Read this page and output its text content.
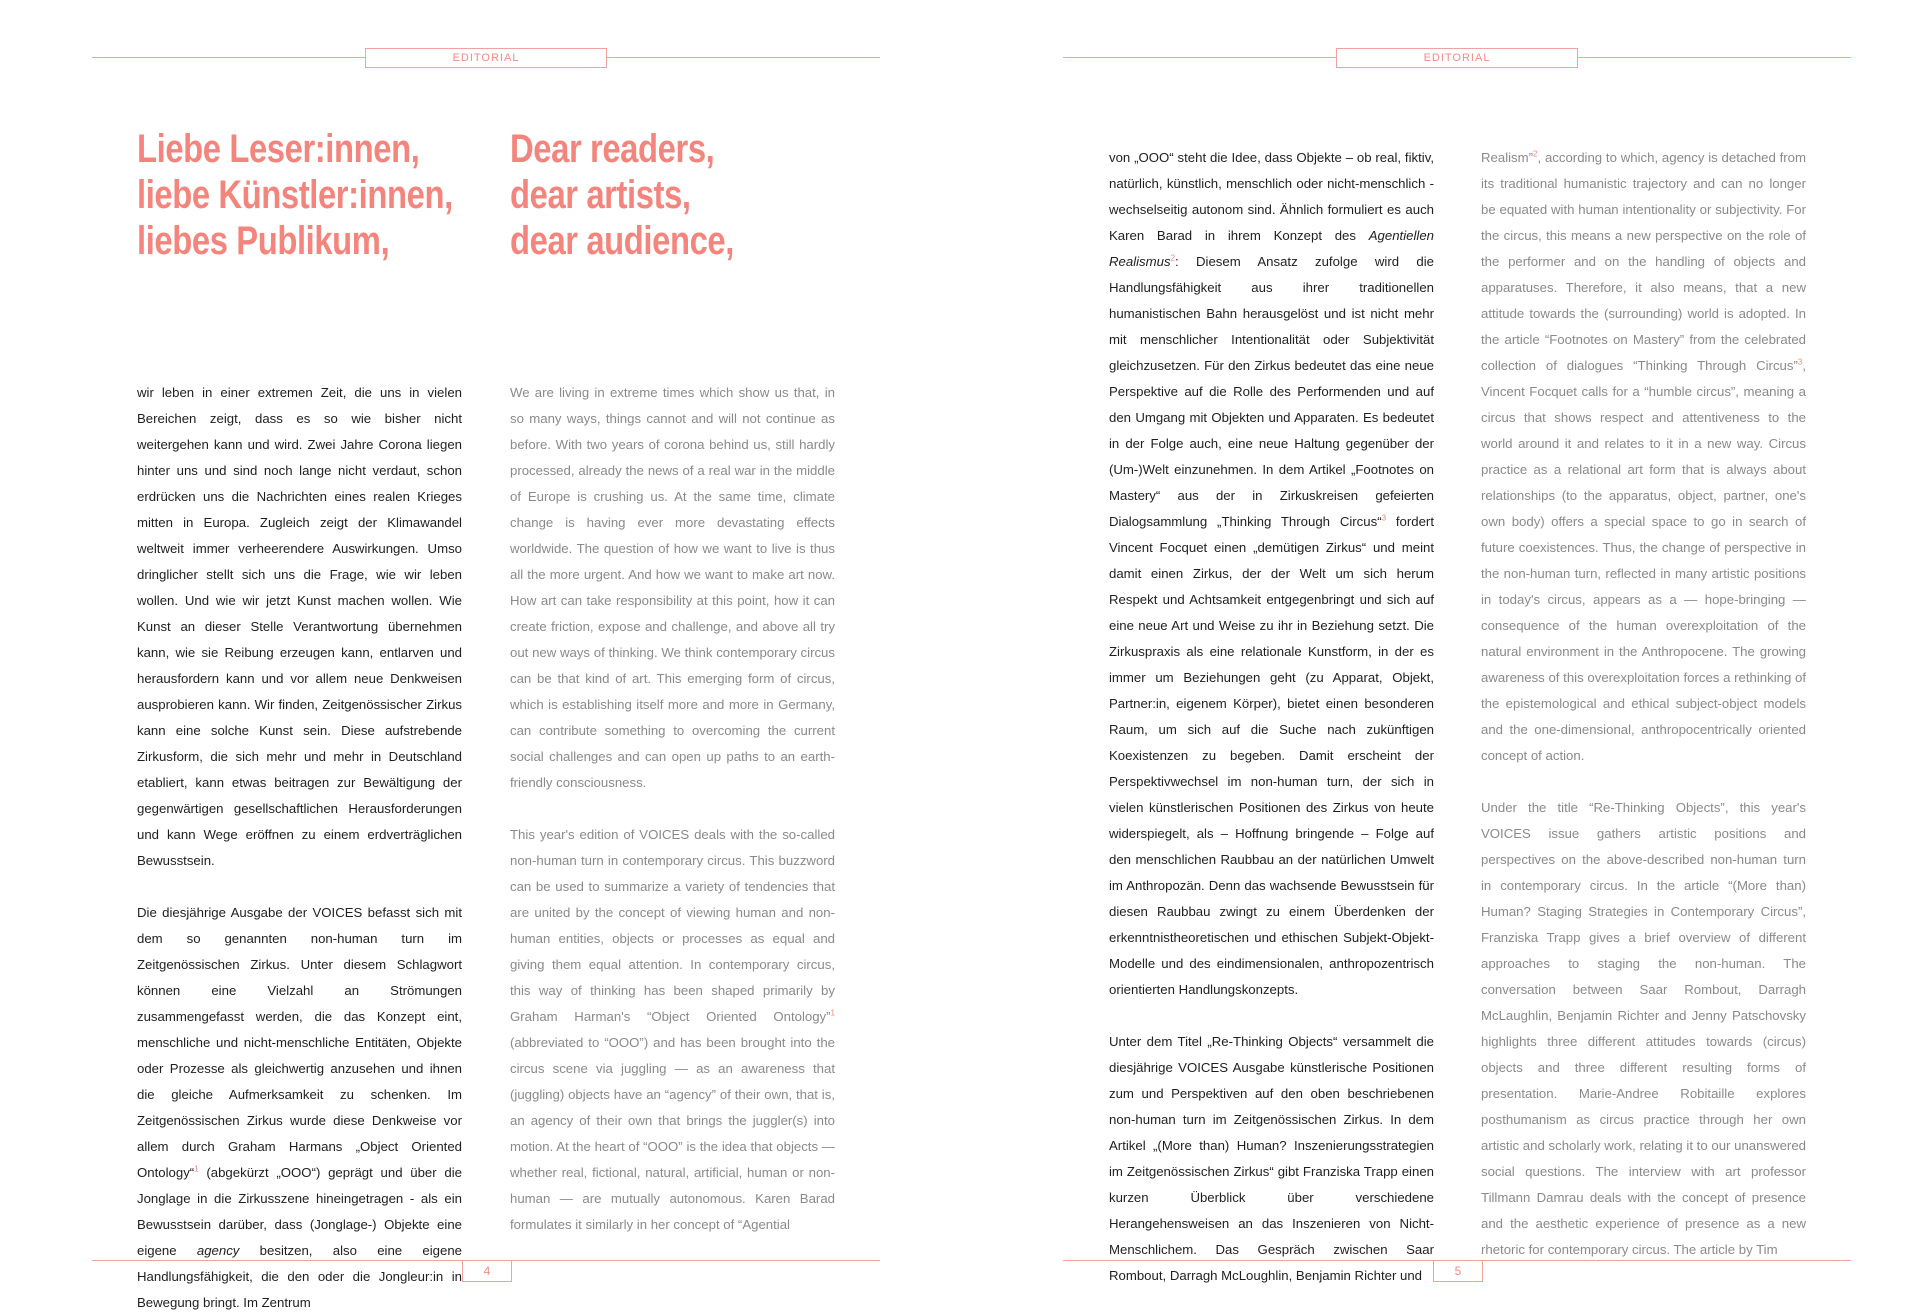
EDITORIAL
Liebe Leser:innen,
liebe Künstler:innen,
liebes Publikum,
Dear readers,
dear artists,
dear audience,

wir leben in einer extremen Zeit, die uns in vielen Bereichen zeigt, dass es so wie bisher nicht weitergehen kann und wird. Zwei Jahre Corona liegen hinter uns und sind noch lange nicht verdaut, schon erdrücken uns die Nachrichten eines realen Krieges mitten in Europa. Zugleich zeigt der Klimawandel weltweit immer verheerendere Auswirkungen. Umso dringlicher stellt sich uns die Frage, wie wir leben wollen. Und wie wir jetzt Kunst machen wollen. Wie Kunst an dieser Stelle Verantwortung übernehmen kann, wie sie Reibung erzeugen kann, entlarven und herausfordern kann und vor allem neue Denkweisen ausprobieren kann. Wir finden, Zeitgenössischer Zirkus kann eine solche Kunst sein. Diese aufstrebende Zirkusform, die sich mehr und mehr in Deutschland etabliert, kann etwas beitragen zur Bewältigung der gegenwärtigen gesellschaftlichen Herausforderungen und kann Wege eröffnen zu einem erdverträglichen Bewusstsein.

Die diesjährige Ausgabe der VOICES befasst sich mit dem so genannten non-human turn im Zeitgenössischen Zirkus. Unter diesem Schlagwort können eine Vielzahl an Strömungen zusammengefasst werden, die das Konzept eint, menschliche und nicht-menschliche Entitäten, Objekte oder Prozesse als gleichwertig anzusehen und ihnen die gleiche Aufmerksamkeit zu schenken. Im Zeitgenössischen Zirkus wurde diese Denkweise vor allem durch Graham Harmans „Object Oriented Ontology“$^1$ (abgekürzt „OOO“) geprägt und über die Jonglage in die Zirkusszene hineingetragen - als ein Bewusstsein darüber, dass (Jonglage-) Objekte eine eigene agency besitzen, also eine eigene Handlungsfähigkeit, die den oder die Jongleur:in in Bewegung bringt. Im Zentrum

We are living in extreme times which show us that, in so many ways, things cannot and will not continue as before. With two years of corona behind us, still hardly processed, already the news of a real war in the middle of Europe is crushing us. At the same time, climate change is having ever more devastating effects worldwide. The question of how we want to live is thus all the more urgent. And how we want to make art now. How art can take responsibility at this point, how it can create friction, expose and challenge, and above all try out new ways of thinking. We think contemporary circus can be that kind of art. This emerging form of circus, which is establishing itself more and more in Germany, can contribute something to overcoming the current social challenges and can open up paths to an earth-friendly consciousness.

This year's edition of VOICES deals with the so-called non-human turn in contemporary circus. This buzzword can be used to summarize a variety of tendencies that are united by the concept of viewing human and non-human entities, objects or processes as equal and giving them equal attention. In contemporary circus, this way of thinking has been shaped primarily by Graham Harman's “Object Oriented Ontology”$^1$ (abbreviated to “OOO”) and has been brought into the circus scene via juggling — as an awareness that (juggling) objects have an “agency” of their own, that is, an agency of their own that brings the juggler(s) into motion. At the heart of “OOO” is the idea that objects — whether real, fictional, natural, artificial, human or non-human — are mutually autonomous. Karen Barad formulates it similarly in her concept of “Agential

4
EDITORIAL

von „OOO“ steht die Idee, dass Objekte – ob real, fiktiv, natürlich, künstlich, menschlich oder nicht-menschlich - wechselseitig autonom sind. Ähnlich formuliert es auch Karen Barad in ihrem Konzept des Agentiellen Realismus$^2$: Diesem Ansatz zufolge wird die Handlungsfähigkeit aus ihrer traditionellen humanistischen Bahn herausgelöst und ist nicht mehr mit menschlicher Intentionalität oder Subjektivität gleichzusetzen. Für den Zirkus bedeutet das eine neue Perspektive auf die Rolle des Performenden und auf den Umgang mit Objekten und Apparaten. Es bedeutet in der Folge auch, eine neue Haltung gegenüber der (Um-)Welt einzunehmen. In dem Artikel „Footnotes on Mastery“ aus der in Zirkuskreisen gefeierten Dialogsammlung „Thinking Through Circus“$^3$ fordert Vincent Focquet einen „demütigen Zirkus“ und meint damit einen Zirkus, der der Welt um sich herum Respekt und Achtsamkeit entgegenbringt und sich auf eine neue Art und Weise zu ihr in Beziehung setzt. Die Zirkuspraxis als eine relationale Kunstform, in der es immer um Beziehungen geht (zu Apparat, Objekt, Partner:in, eigenem Körper), bietet einen besonderen Raum, um sich auf die Suche nach zukünftigen Koexistenzen zu begeben. Damit erscheint der Perspektivwechsel im non-human turn, der sich in vielen künstlerischen Positionen des Zirkus von heute widerspiegelt, als – Hoffnung bringende – Folge auf den menschlichen Raubbau an der natürlichen Umwelt im Anthropozän. Denn das wachsende Bewusstsein für diesen Raubbau zwingt zu einem Überdenken der erkenntnistheoretischen und ethischen Subjekt-Objekt-Modelle und des eindimensionalen, anthropozentrisch orientierten Handlungskonzepts.

Unter dem Titel „Re-Thinking Objects“ versammelt die diesjährige VOICES Ausgabe künstlerische Positionen zum und Perspektiven auf den oben beschriebenen non-human turn im Zeitgenössischen Zirkus. In dem Artikel „(More than) Human? Inszenierungsstrategien im Zeitgenössischen Zirkus“ gibt Franziska Trapp einen kurzen Überblick über verschiedene Herangehensweisen an das Inszenieren von Nicht-Menschlichem. Das Gespräch zwischen Saar Rombout, Darragh McLoughlin, Benjamin Richter und

Realism”$^2$, according to which, agency is detached from its traditional humanistic trajectory and can no longer be equated with human intentionality or subjectivity. For the circus, this means a new perspective on the role of the performer and on the handling of objects and apparatuses. Therefore, it also means, that a new attitude towards the (surrounding) world is adopted. In the article “Footnotes on Mastery” from the celebrated collection of dialogues “Thinking Through Circus”$^3$, Vincent Focquet calls for a “humble circus”, meaning a circus that shows respect and attentiveness to the world around it and relates to it in a new way. Circus practice as a relational art form that is always about relationships (to the apparatus, object, partner, one's own body) offers a special space to go in search of future coexistences. Thus, the change of perspective in the non-human turn, reflected in many artistic positions in today's circus, appears as a — hope-bringing — consequence of the human overexploitation of the natural environment in the Anthropocene. The growing awareness of this overexploitation forces a rethinking of the epistemological and ethical subject-object models and the one-dimensional, anthropocentrically oriented concept of action.

Under the title “Re-Thinking Objects”, this year's VOICES issue gathers artistic positions and perspectives on the above-described non-human turn in contemporary circus. In the article “(More than) Human? Staging Strategies in Contemporary Circus”, Franziska Trapp gives a brief overview of different approaches to staging the non-human. The conversation between Saar Rombout, Darragh McLaughlin, Benjamin Richter and Jenny Patschovsky highlights three different attitudes towards (circus) objects and three different resulting forms of presentation. Marie-Andree Robitaille explores posthumanism as circus practice through her own artistic and scholarly work, relating it to our unanswered social questions. The interview with art professor Tillmann Damrau deals with the concept of presence and the aesthetic experience of presence as a new rhetoric for contemporary circus. The article by Tim

5
